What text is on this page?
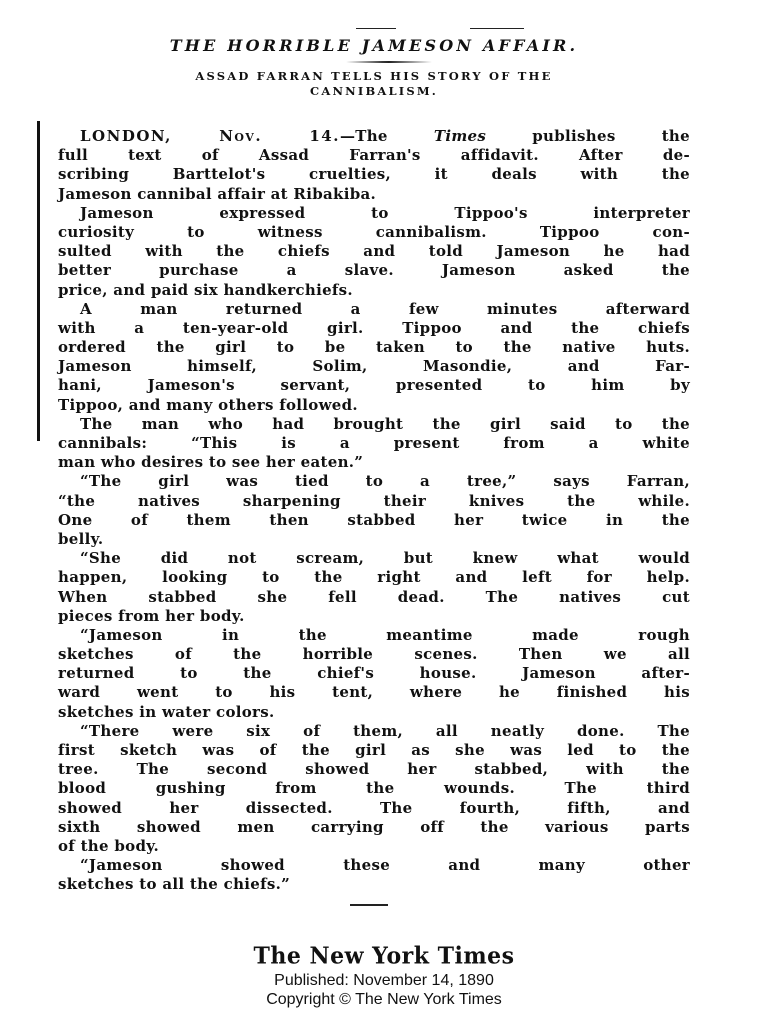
THE HORRIBLE JAMESON AFFAIR.
ASSAD FARRAN TELLS HIS STORY OF THE
CANNIBALISM.
LONDON, Nov. 14.—The	Times	publishes the
full text of Assad Farran's affidavit. After de-
scribing Barttelot's cruelties, it deals with the
Jameson cannibal affair at Ribakiba.
Jameson expressed to Tippoo's interpreter
curiosity to witness cannibalism. Tippoo con-
sulted with the chiefs and told Jameson he had
better purchase a slave. Jameson asked the
price, and paid six handkerchiefs.
A man returned a few minutes afterward
with a ten-year-old girl. Tippoo and the chiefs
ordered the girl to be taken to the native huts.
Jameson himself, Solim, Masondie, and Far-
hani, Jameson's servant, presented to him by
Tippoo, and many others followed.
The man who had brought the girl said to the
cannibals: “This is a present from a white
man who desires to see her eaten.”
“The girl was tied to a tree,” says Farran,
“the natives sharpening their knives the while.
One of them then stabbed her twice in the
belly.
“She did not scream, but knew what would
happen, looking to the right and left for help.
When stabbed she fell dead. The natives cut
pieces from her body.
“Jameson in the meantime made rough
sketches of the horrible scenes. Then we all
returned to the chief's house. Jameson after-
ward went to his tent, where he finished his
sketches in water colors.
“There were six of them, all neatly done. The
first sketch was of the girl as she was led to the
tree. The second showed her stabbed, with the
blood gushing from the wounds. The third
showed her dissected. The fourth, fifth, and
sixth showed men carrying off the various parts
of the body.
“Jameson showed these and many other
sketches to all the chiefs.”
The New York Times
Published: November 14, 1890
Copyright © The New York Times
